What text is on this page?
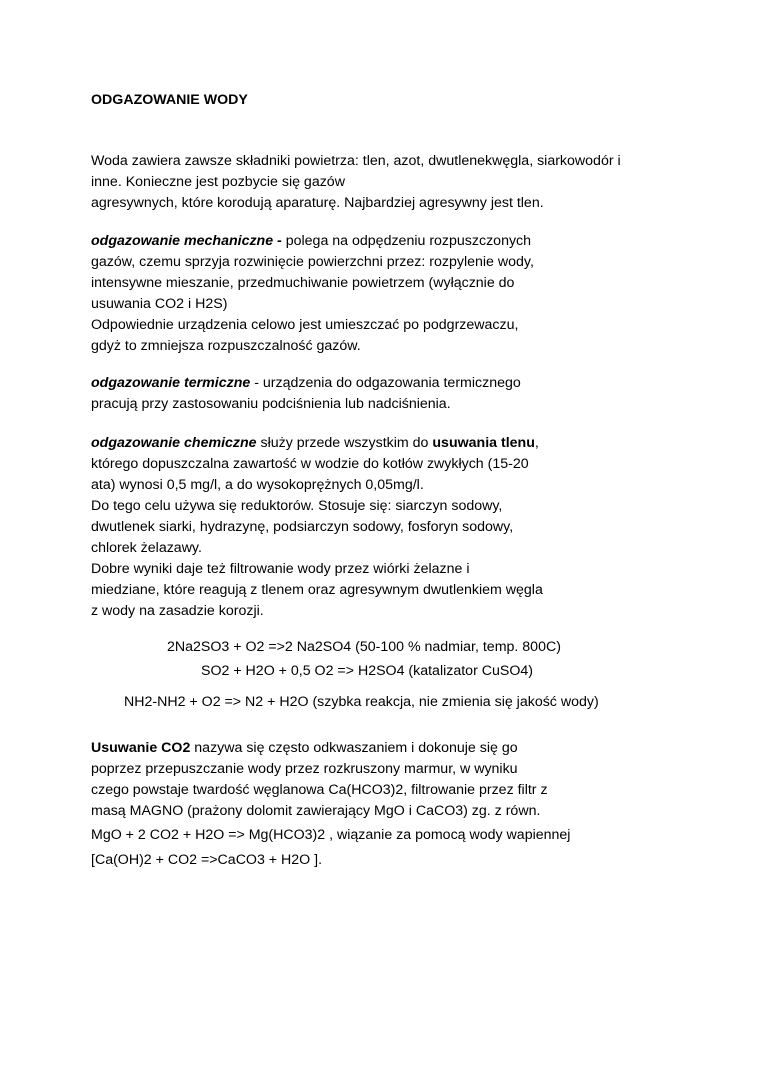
ODGAZOWANIE WODY
Woda zawiera zawsze składniki powietrza: tlen, azot, dwutlenekwęgla, siarkowodór i
inne. Konieczne jest pozbycie się gazów
agresywnych, które korodują aparaturę. Najbardziej agresywny jest tlen.
odgazowanie mechaniczne - polega na odpędzeniu rozpuszczonych
gazów, czemu sprzyja rozwinięcie powierzchni przez: rozpylenie wody,
intensywne mieszanie, przedmuchiwanie powietrzem (wyłącznie do
usuwania CO2 i H2S)
Odpowiednie urządzenia celowo jest umieszczać po podgrzewaczu,
gdyż to zmniejsza rozpuszczalność gazów.
odgazowanie termiczne - urządzenia do odgazowania termicznego
pracują przy zastosowaniu podciśnienia lub nadciśnienia.
odgazowanie chemiczne służy przede wszystkim do usuwania tlenu,
którego dopuszczalna zawartość w wodzie do kotłów zwykłych (15-20
ata) wynosi 0,5 mg/l, a do wysokoprężnych 0,05mg/l.
Do tego celu używa się reduktorów. Stosuje się: siarczyn sodowy,
dwutlenek siarki, hydrazynę, podsiarczyn sodowy, fosforyn sodowy,
chlorek żelazawy.
Dobre wyniki daje też filtrowanie wody przez wiórki żelazne i
miedziane, które reagują z tlenem oraz agresywnym dwutlenkiem węgla
z wody na zasadzie korozji.
2Na2SO3 + O2 =>2 Na2SO4 (50-100 % nadmiar, temp. 800C)
SO2 + H2O + 0,5 O2 => H2SO4 (katalizator CuSO4)
NH2-NH2 + O2 => N2 + H2O (szybka reakcja, nie zmienia się jakość wody)
Usuwanie CO2 nazywa się często odkwaszaniem i dokonuje się go
poprzez przepuszczanie wody przez rozkruszony marmur, w wyniku
czego powstaje twardość węglanowa Ca(HCO3)2, filtrowanie przez filtr z
masą MAGNO (prażony dolomit zawierający MgO i CaCO3) zg. z równ.
MgO + 2 CO2 + H2O => Mg(HCO3)2 , wiązanie za pomocą wody wapiennej
[Ca(OH)2 + CO2 =>CaCO3 + H2O ].
